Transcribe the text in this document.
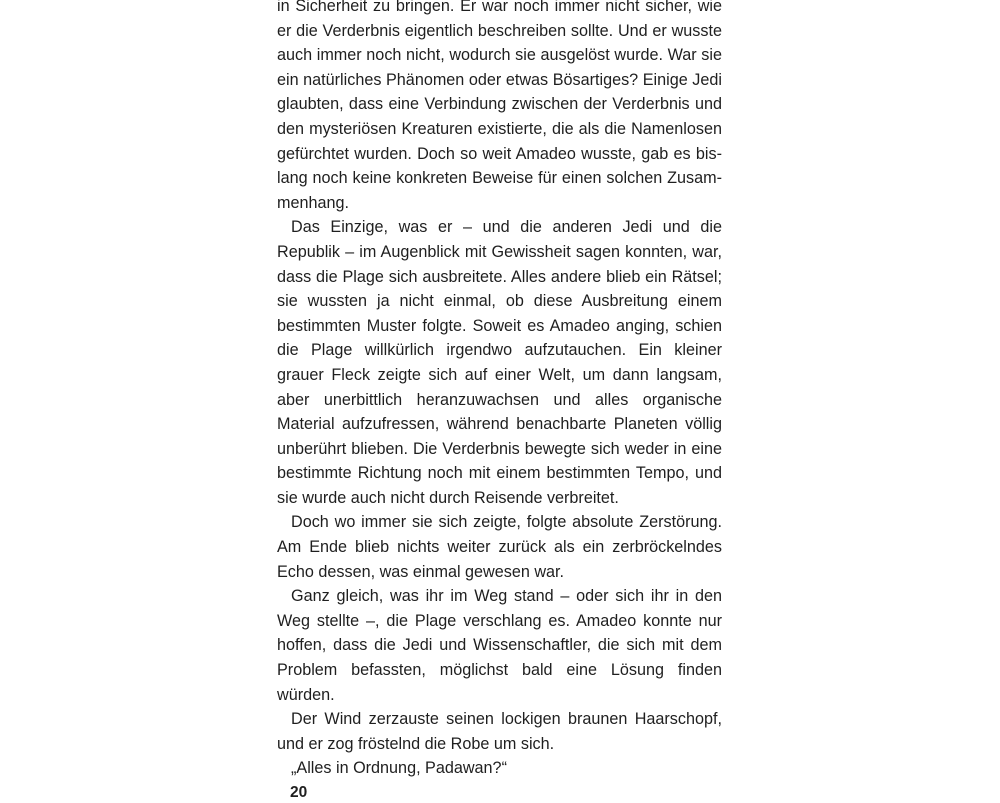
in Sicherheit zu bringen. Er war noch immer nicht sicher, wie er die Verderbnis eigentlich beschreiben sollte. Und er wusste auch immer noch nicht, wodurch sie ausgelöst wurde. War sie ein natürliches Phänomen oder etwas Bösartiges? Einige Jedi glaubten, dass eine Verbindung zwischen der Verderbnis und den mysteriösen Kreaturen existierte, die als die Namenlosen gefürchtet wurden. Doch so weit Amadeo wusste, gab es bislang noch keine konkreten Beweise für einen solchen Zusammenhang.

Das Einzige, was er – und die anderen Jedi und die Republik – im Augenblick mit Gewissheit sagen konnten, war, dass die Plage sich ausbreitete. Alles andere blieb ein Rätsel; sie wussten ja nicht einmal, ob diese Ausbreitung einem bestimmten Muster folgte. Soweit es Amadeo anging, schien die Plage willkürlich irgendwo aufzutauchen. Ein kleiner grauer Fleck zeigte sich auf einer Welt, um dann langsam, aber unerbittlich heranzuwachsen und alles organische Material aufzufressen, während benachbarte Planeten völlig unberührt blieben. Die Verderbnis bewegte sich weder in eine bestimmte Richtung noch mit einem bestimmten Tempo, und sie wurde auch nicht durch Reisende verbreitet.

Doch wo immer sie sich zeigte, folgte absolute Zerstörung. Am Ende blieb nichts weiter zurück als ein zerbröckelndes Echo dessen, was einmal gewesen war.

Ganz gleich, was ihr im Weg stand – oder sich ihr in den Weg stellte –, die Plage verschlang es. Amadeo konnte nur hoffen, dass die Jedi und Wissenschaftler, die sich mit dem Problem befassten, möglichst bald eine Lösung finden würden.

Der Wind zerzauste seinen lockigen braunen Haarschopf, und er zog fröstelnd die Robe um sich.

„Alles in Ordnung, Padawan?“

20
